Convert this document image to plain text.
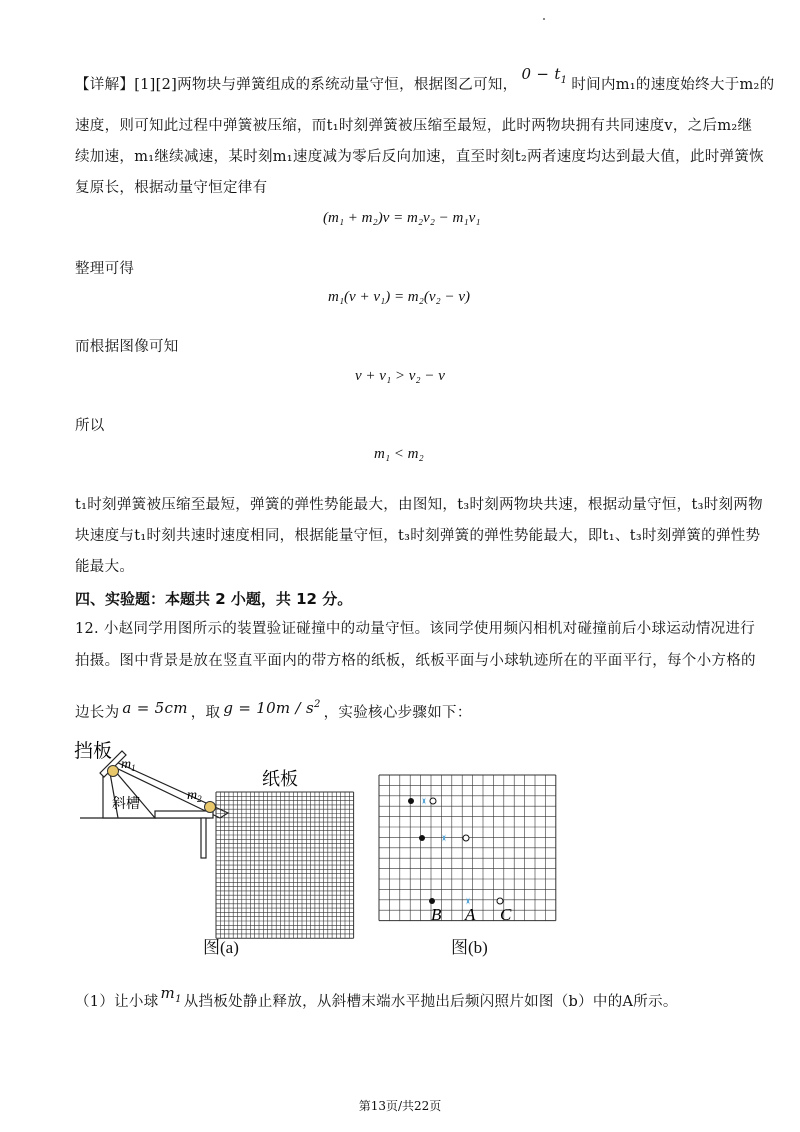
【详解】[1][2]两物块与弹簧组成的系统动量守恒，根据图乙可知，$0 - t_1$ 时间内m₁的速度始终大于m₂的
速度，则可知此过程中弹簧被压缩，而t₁时刻弹簧被压缩至最短，此时两物块拥有共同速度v，之后m₂继
续加速，m₁继续减速，某时刻m₁速度减为零后反向加速，直至时刻t₂两者速度均达到最大值，此时弹簧恢
复原长，根据动量守恒定律有
(m₁ + m₂)v = m₂v₂ − m₁v₁
整理可得
m₁(v + v₁) = m₂(v₂ − v)
而根据图像可知
v + v₁ > v₂ − v
所以
m₁ < m₂
t₁时刻弹簧被压缩至最短，弹簧的弹性势能最大，由图知，t₃时刻两物块共速，根据动量守恒，t₃时刻两物
块速度与t₁时刻共速时速度相同，根据能量守恒，t₃时刻弹簧的弹性势能最大，即t₁、t₃时刻弹簧的弹性势
能最大。
四、实验题：本题共 2 小题，共 12 分。
12. 小赵同学用图所示的装置验证碰撞中的动量守恒。该同学使用频闪相机对碰撞前后小球运动情况进行
拍摄。图中背景是放在竖直平面内的带方格的纸板，纸板平面与小球轨迹所在的平面平行，每个小方格的
边长为 a = 5cm ，取 $g = 10m / s^2$，实验核心步骤如下：
挡板
$m_1$
斜槽
$m_2$
纸板
图(a)
B A C
图(b)
（1）让小球 $m_1$ 从挡板处静止释放，从斜槽末端水平抛出后频闪照片如图（b）中的A所示。
第13页/共22页
